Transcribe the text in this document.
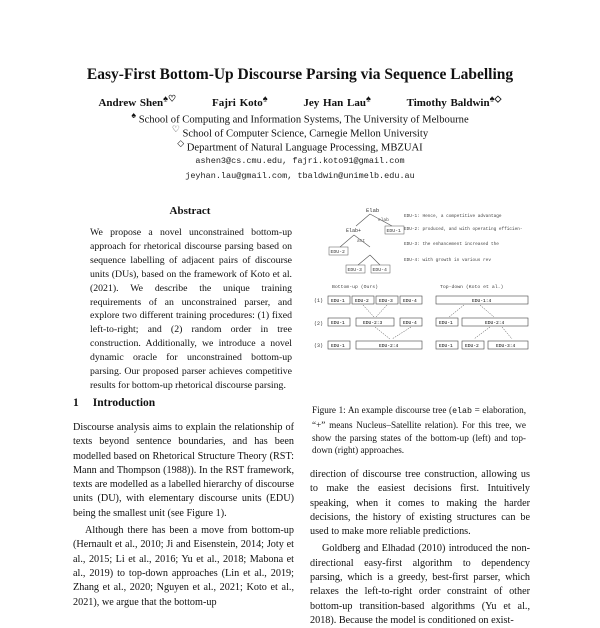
Easy-First Bottom-Up Discourse Parsing via Sequence Labelling
Andrew Shen♠♡	Fajri Koto♠	Jey Han Lau♠	Timothy Baldwin♠◇
♠ School of Computing and Information Systems, The University of Melbourne
♡ School of Computer Science, Carnegie Mellon University
◇ Department of Natural Language Processing, MBZUAI
ashen3@cs.cmu.edu, fajri.koto91@gmail.com
jeyhan.lau@gmail.com, tbaldwin@unimelb.edu.au
Abstract
We propose a novel unconstrained bottom-up approach for rhetorical discourse parsing based on sequence labelling of adjacent pairs of discourse units (DUs), based on the framework of Koto et al. (2021). We describe the unique training requirements of an unconstrained parser, and explore two different training procedures: (1) fixed left-to-right; and (2) random order in tree construction. Additionally, we introduce a novel dynamic oracle for unconstrained bottom-up parsing. Our proposed parser achieves competitive results for bottom-up rhetorical discourse parsing.
1 Introduction

Discourse analysis aims to explain the relationship of texts beyond sentence boundaries, and has been modelled based on Rhetorical Structure Theory (RST: Mann and Thompson (1988)). In the RST framework, texts are modelled as a labelled hierarchy of discourse units (DU), with elementary discourse units (EDU) being the smallest unit (see Figure 1).

Although there has been a move from bottom-up (Hernault et al., 2010; Ji and Eisenstein, 2014; Joty et al., 2015; Li et al., 2016; Yu et al., 2018; Mabona et al., 2019) to top-down approaches (Lin et al., 2019; Zhang et al., 2020; Nguyen et al., 2021; Koto et al., 2021), we argue that the bottom-up

direction of discourse tree construction, allowing us to make the easiest decisions first. Intuitively speaking, when it comes to making the harder decisions, the history of existing structures can be used to make more reliable predictions.

Goldberg and Elhadad (2010) introduced the non-directional easy-first algorithm to dependency parsing, which is a greedy, best-first parser, which relaxes the left-to-right order constraint of other bottom-up transition-based algorithms (Yu et al., 2018). Because the model is conditioned on exist-

Elab
elab
Elab+	EDU-1
att
EDU-2
EDU-3 EDU-4
EDU-1: Hence, a competitive advantage
EDU-2: produced, and with operating efficien-
EDU-3: the enhancement increased the
EDU-4: with growth in various rev
Bottom-up (Ours)	Top-down (Koto et al.)
(1)
(2)
(3)
EDU-1 EDU-2 EDU-3 EDU-4
EDU-1	EDU-2:3	EDU-4
EDU-1	EDU-2:4
EDU-1:4
EDU-1	EDU-2:4
EDU-1	EDU-2	EDU-3:4
Figure 1: An example discourse tree (elab = elaboration, “+” means Nucleus–Satellite relation). For this tree, we show the parsing states of the bottom-up (left) and top-down (right) approaches.
